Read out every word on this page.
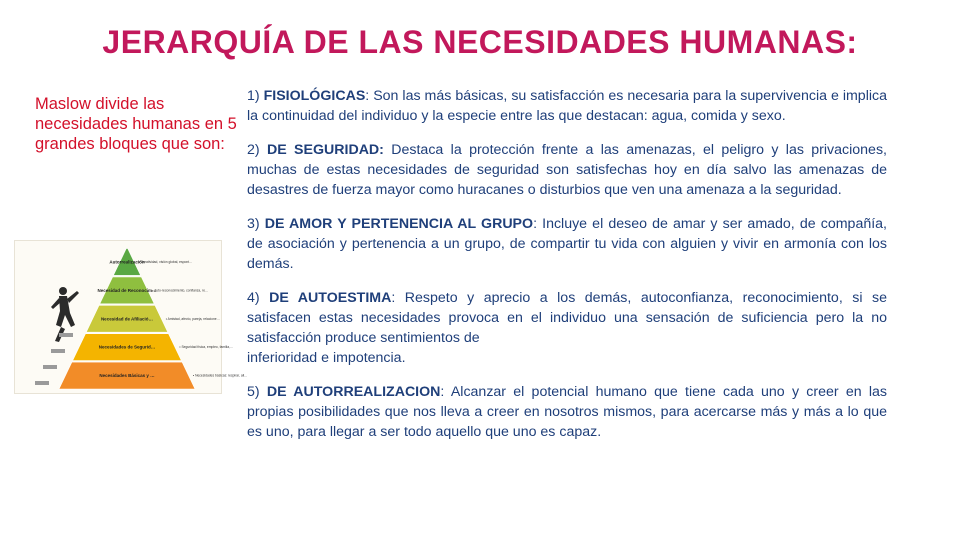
JERARQUÍA DE LAS NECESIDADES HUMANAS:
Maslow divide las necesidades humanas en 5 grandes bloques que son:
Necesidades Básicas y …
Necesidades de Segurid…
Necesidad de Afiliació…
Necesidad de Reconocim…
Autorrealización
• Necesidades básicas: respirar, ali…
• Seguridad física, empleo, familia,…
• Amistad, afecto, pareja, relacione…
• Auto-reconocimiento, confianza, re…
• Creatividad, visión global, espont…
1) FISIOLÓGICAS: Son las más básicas, su satisfacción es necesaria para la supervivencia e implica la continuidad del individuo y la especie entre las que destacan: agua, comida y sexo.
2) DE SEGURIDAD: Destaca la protección frente a las amenazas, el peligro y las privaciones, muchas de estas necesidades de seguridad son satisfechas hoy en día salvo las amenazas de desastres de fuerza mayor como huracanes o disturbios que ven una amenaza a la seguridad.
3) DE AMOR Y PERTENENCIA AL GRUPO: Incluye el deseo de amar y ser amado, de compañía, de asociación y pertenencia a un grupo, de compartir tu vida con alguien y vivir en armonía con los demás.
4) DE AUTOESTIMA: Respeto y aprecio a los demás, autoconfianza, reconocimiento, si se satisfacen estas necesidades provoca en el individuo una sensación de suficiencia pero la no satisfacción produce sentimientos de
inferioridad e impotencia.
5) DE AUTORREALIZACION: Alcanzar el potencial humano que tiene cada uno y creer en las propias posibilidades que nos lleva a creer en nosotros mismos, para acercarse más y más a lo que es uno, para llegar a ser todo aquello que uno es capaz.
